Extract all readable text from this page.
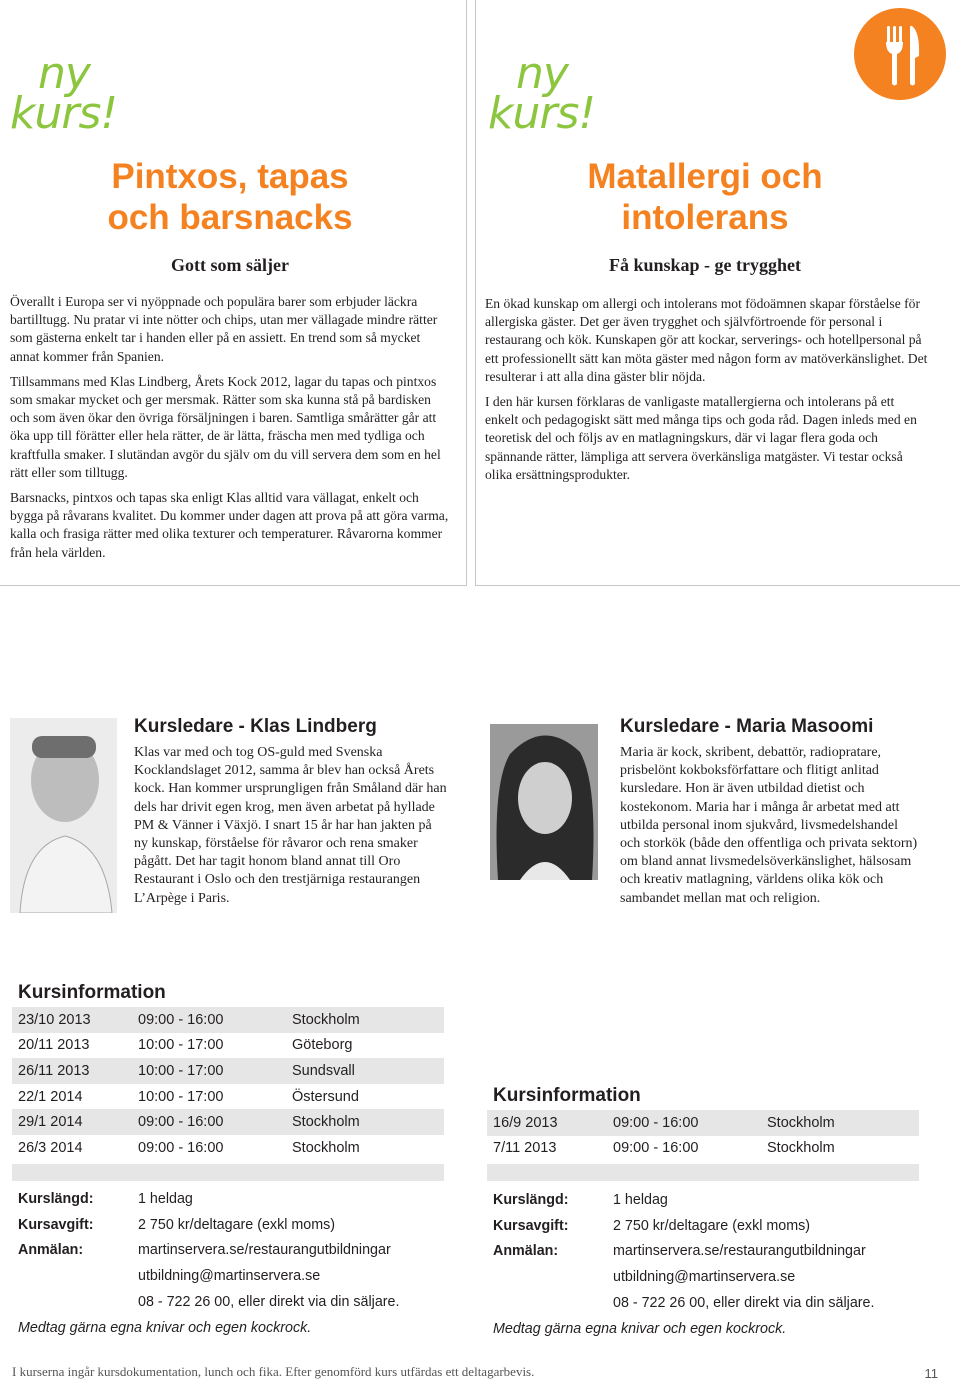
ny
kurs!
Pintxos, tapas
och barsnacks
Gott som säljer

Överallt i Europa ser vi nyöppnade och populära barer som erbjuder läckra bartilltugg. Nu pratar vi inte nötter och chips, utan mer vällagade mindre rätter som gästerna enkelt tar i handen eller på en assiett. En trend som så mycket annat kommer från Spanien.

Tillsammans med Klas Lindberg, Årets Kock 2012, lagar du tapas och pintxos som smakar mycket och ger mersmak. Rätter som ska kunna stå på bardisken och som även ökar den övriga försäljningen i baren. Samtliga smårätter går att öka upp till förätter eller hela rätter, de är lätta, fräscha men med tydliga och kraftfulla smaker. I slutändan avgör du själv om du vill servera dem som en hel rätt eller som tilltugg.

Barsnacks, pintxos och tapas ska enligt Klas alltid vara vällagat, enkelt och bygga på råvarans kvalitet. Du kommer under dagen att prova på att göra varma, kalla och frasiga rätter med olika texturer och temperaturer. Råvarorna kommer från hela världen.

Kursledare - Klas Lindberg
Klas var med och tog OS-guld med Svenska Kocklandslaget 2012, samma år blev han också Årets kock. Han kommer ursprungligen från Småland där han dels har drivit egen krog, men även arbetat på hyllade PM & Vänner i Växjö. I snart 15 år har han jakten på ny kunskap, förståelse för råvaror och rena smaker pågått. Det har tagit honom bland annat till Oro Restaurant i Oslo och den trestjärniga restaurangen L’Arpège i Paris.
Kursinformation
23/10 2013	09:00 - 16:00	Stockholm
20/11 2013	10:00 - 17:00	Göteborg
26/11 2013	10:00 - 17:00	Sundsvall
22/1 2014	10:00 - 17:00	Östersund
29/1 2014	09:00 - 16:00	Stockholm
26/3 2014	09:00 - 16:00	Stockholm
Kurslängd:	1 heldag
Kursavgift:	2 750 kr/deltagare (exkl moms)
Anmälan:	martinservera.se/restaurangutbildningar
utbildning@martinservera.se
08 - 722 26 00, eller direkt via din säljare.
Medtag gärna egna knivar och egen kockrock.
ny
kurs!
Matallergi och
intolerans
Få kunskap - ge trygghet

En ökad kunskap om allergi och intolerans mot födoämnen skapar förståelse för allergiska gäster. Det ger även trygghet och självförtroende för personal i restaurang och kök. Kunskapen gör att kockar, serverings- och hotellpersonal på ett professionellt sätt kan möta gäster med någon form av matöverkänslighet. Det resulterar i att alla dina gäster blir nöjda.

I den här kursen förklaras de vanligaste matallergierna och intolerans på ett enkelt och pedagogiskt sätt med många tips och goda råd. Dagen inleds med en teoretisk del och följs av en matlagningskurs, där vi lagar flera goda och spännande rätter, lämpliga att servera överkänsliga matgäster. Vi testar också olika ersättningsprodukter.

Kursledare - Maria Masoomi
Maria är kock, skribent, debattör, radiopratare, prisbelönt kokboksförfattare och flitigt anlitad kursledare. Hon är även utbildad dietist och kostekonom. Maria har i många år arbetat med att utbilda personal inom sjukvård, livsmedelshandel och storkök (både den offentliga och privata sektorn) om bland annat livsmedelsöverkänslighet, hälsosam och kreativ matlagning, världens olika kök och sambandet mellan mat och religion.
Kursinformation
16/9 2013	09:00 - 16:00	Stockholm
7/11 2013	09:00 - 16:00	Stockholm
Kurslängd:	1 heldag
Kursavgift:	2 750 kr/deltagare (exkl moms)
Anmälan:	martinservera.se/restaurangutbildningar
utbildning@martinservera.se
08 - 722 26 00, eller direkt via din säljare.
Medtag gärna egna knivar och egen kockrock.
I kurserna ingår kursdokumentation, lunch och fika. Efter genomförd kurs utfärdas ett deltagarbevis.	11
